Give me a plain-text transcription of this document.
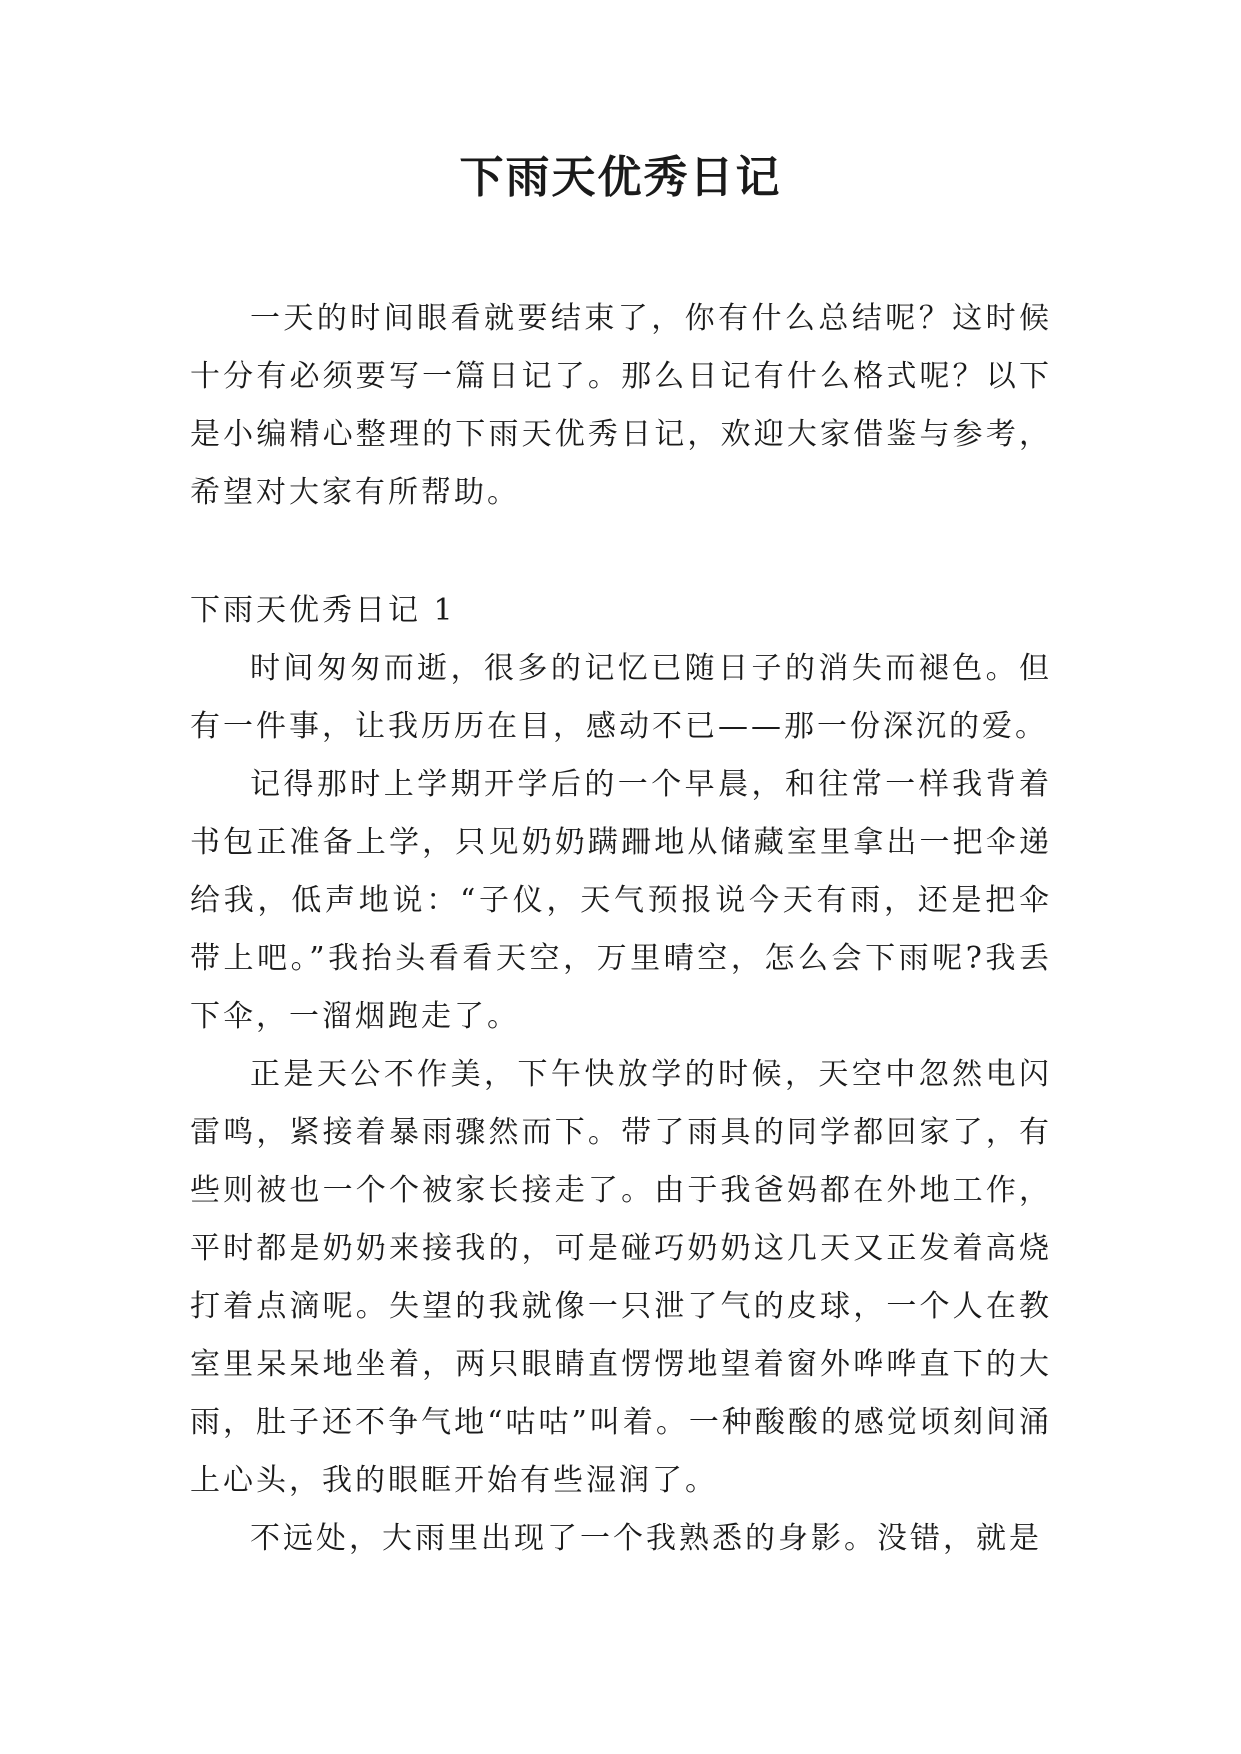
下雨天优秀日记

一天的时间眼看就要结束了，你有什么总结呢？这时候十分有必须要写一篇日记了。那么日记有什么格式呢？以下是小编精心整理的下雨天优秀日记，欢迎大家借鉴与参考，希望对大家有所帮助。

下雨天优秀日记 1

时间匆匆而逝，很多的记忆已随日子的消失而褪色。但有一件事，让我历历在目，感动不已——那一份深沉的爱。

记得那时上学期开学后的一个早晨，和往常一样我背着书包正准备上学，只见奶奶蹒跚地从储藏室里拿出一把伞递给我，低声地说：“子仪，天气预报说今天有雨，还是把伞带上吧。”我抬头看看天空，万里晴空，怎么会下雨呢?我丢下伞，一溜烟跑走了。

正是天公不作美，下午快放学的时候，天空中忽然电闪雷鸣，紧接着暴雨骤然而下。带了雨具的同学都回家了，有些则被也一个个被家长接走了。由于我爸妈都在外地工作，平时都是奶奶来接我的，可是碰巧奶奶这几天又正发着高烧打着点滴呢。失望的我就像一只泄了气的皮球，一个人在教室里呆呆地坐着，两只眼睛直愣愣地望着窗外哗哗直下的大雨，肚子还不争气地“咕咕”叫着。一种酸酸的感觉顷刻间涌上心头，我的眼眶开始有些湿润了。

不远处，大雨里出现了一个我熟悉的身影。没错，就是
